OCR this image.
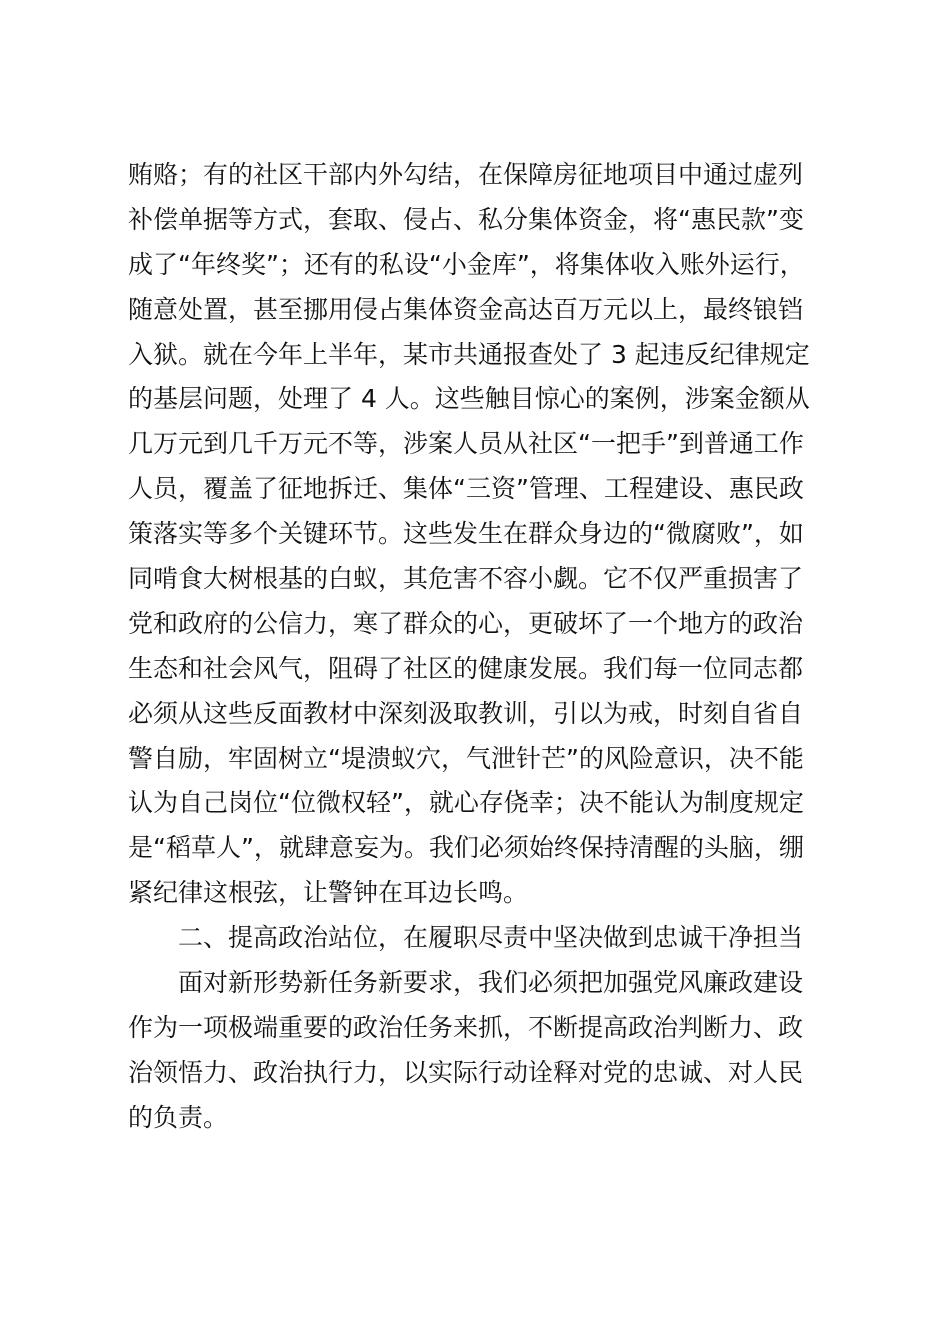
贿赂；有的社区干部内外勾结，在保障房征地项目中通过虚列
补偿单据等方式，套取、侵占、私分集体资金，将“惠民款”变
成了“年终奖”；还有的私设“小金库”，将集体收入账外运行，
随意处置，甚至挪用侵占集体资金高达百万元以上，最终锒铛
入狱。就在今年上半年，某市共通报查处了 3 起违反纪律规定
的基层问题，处理了 4 人。这些触目惊心的案例，涉案金额从
几万元到几千万元不等，涉案人员从社区“一把手”到普通工作
人员，覆盖了征地拆迁、集体“三资”管理、工程建设、惠民政
策落实等多个关键环节。这些发生在群众身边的“微腐败”，如
同啃食大树根基的白蚁，其危害不容小觑。它不仅严重损害了
党和政府的公信力，寒了群众的心，更破坏了一个地方的政治
生态和社会风气，阻碍了社区的健康发展。我们每一位同志都
必须从这些反面教材中深刻汲取教训，引以为戒，时刻自省自
警自励，牢固树立“堤溃蚁穴，气泄针芒”的风险意识，决不能
认为自己岗位“位微权轻”，就心存侥幸；决不能认为制度规定
是“稻草人”，就肆意妄为。我们必须始终保持清醒的头脑，绷
紧纪律这根弦，让警钟在耳边长鸣。
二、提高政治站位，在履职尽责中坚决做到忠诚干净担当
面对新形势新任务新要求，我们必须把加强党风廉政建设
作为一项极端重要的政治任务来抓，不断提高政治判断力、政
治领悟力、政治执行力，以实际行动诠释对党的忠诚、对人民
的负责。
